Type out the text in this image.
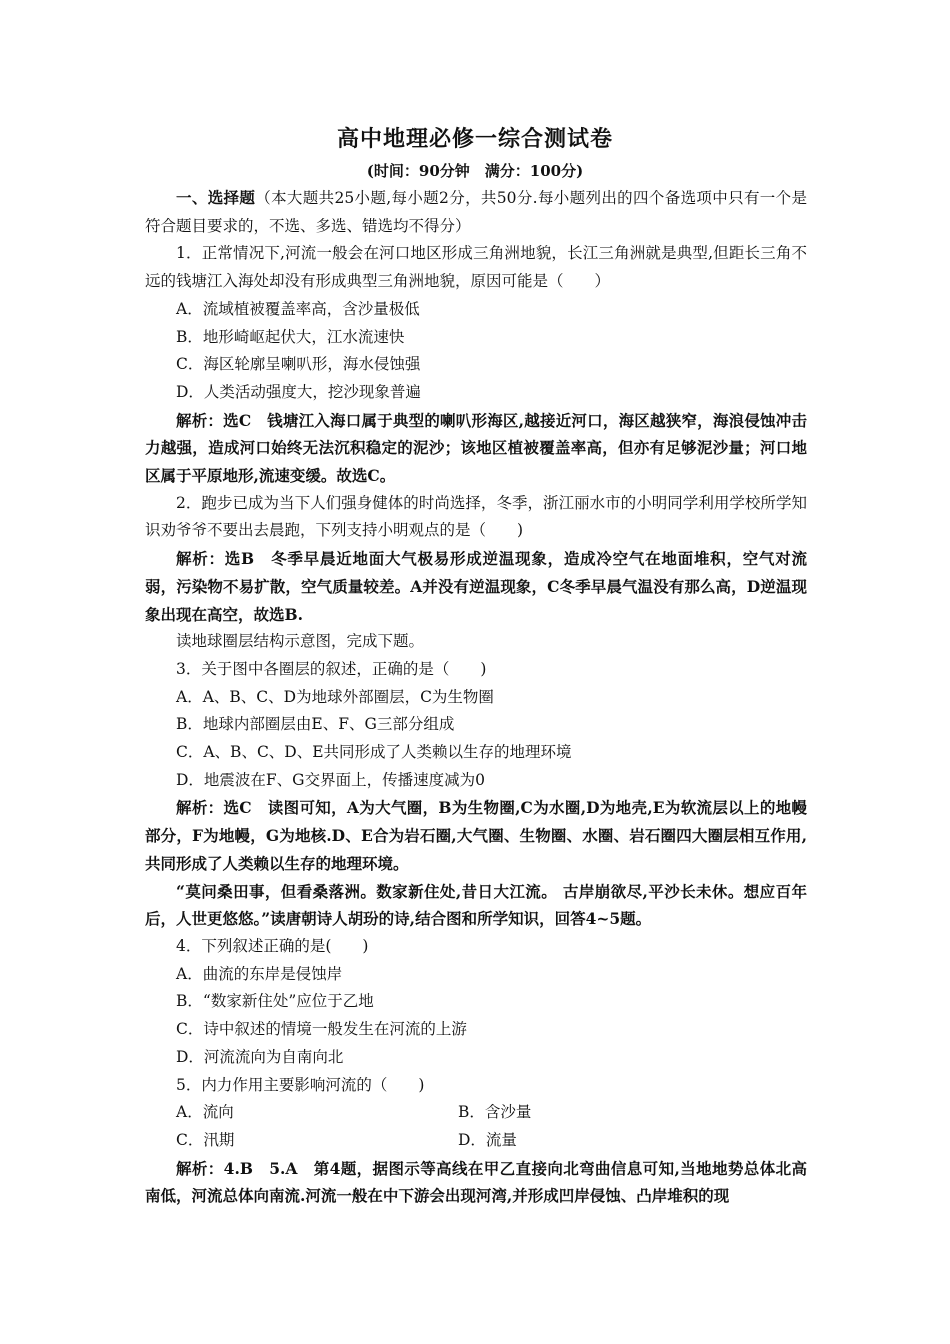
高中地理必修一综合测试卷
(时间：90分钟　满分：100分)

一、选择题（本大题共25小题,每小题2分，共50分.每小题列出的四个备选项中只有一个是符合题目要求的，不选、多选、错选均不得分）

1．正常情况下,河流一般会在河口地区形成三角洲地貌，长江三角洲就是典型,但距长三角不远的钱塘江入海处却没有形成典型三角洲地貌，原因可能是（　　）

A．流域植被覆盖率高，含沙量极低

B．地形崎岖起伏大，江水流速快

C．海区轮廓呈喇叭形，海水侵蚀强

D．人类活动强度大，挖沙现象普遍

解析：选C　钱塘江入海口属于典型的喇叭形海区,越接近河口，海区越狭窄，海浪侵蚀冲击力越强，造成河口始终无法沉积稳定的泥沙；该地区植被覆盖率高，但亦有足够泥沙量；河口地区属于平原地形,流速变缓。故选C。

2．跑步已成为当下人们强身健体的时尚选择，冬季，浙江丽水市的小明同学利用学校所学知识劝爷爷不要出去晨跑，下列支持小明观点的是（　　)

解析：选B　冬季早晨近地面大气极易形成逆温现象，造成冷空气在地面堆积，空气对流弱，污染物不易扩散，空气质量较差。A并没有逆温现象，C冬季早晨气温没有那么高，D逆温现象出现在高空，故选B.

读地球圈层结构示意图，完成下题。

3．关于图中各圈层的叙述，正确的是（　　)

A．A、B、C、D为地球外部圈层，C为生物圈

B．地球内部圈层由E、F、G三部分组成

C．A、B、C、D、E共同形成了人类赖以生存的地理环境

D．地震波在F、G交界面上，传播速度减为0

解析：选C　读图可知，A为大气圈，B为生物圈,C为水圈,D为地壳,E为软流层以上的地幔部分，F为地幔，G为地核.D、E合为岩石圈,大气圈、生物圈、水圈、岩石圈四大圈层相互作用,共同形成了人类赖以生存的地理环境。

“莫问桑田事，但看桑落洲。数家新住处,昔日大江流。 古岸崩欲尽,平沙长未休。想应百年后，人世更悠悠。”读唐朝诗人胡玢的诗,结合图和所学知识，回答4~5题。

4．下列叙述正确的是(　　)

A．曲流的东岸是侵蚀岸

B．“数家新住处”应位于乙地

C．诗中叙述的情境一般发生在河流的上游

D．河流流向为自南向北

5．内力作用主要影响河流的（　　)

A．流向	B．含沙量
C．汛期	D．流量

解析：4.B　5.A　第4题，据图示等高线在甲乙直接向北弯曲信息可知,当地地势总体北高南低，河流总体向南流.河流一般在中下游会出现河湾,并形成凹岸侵蚀、凸岸堆积的现
